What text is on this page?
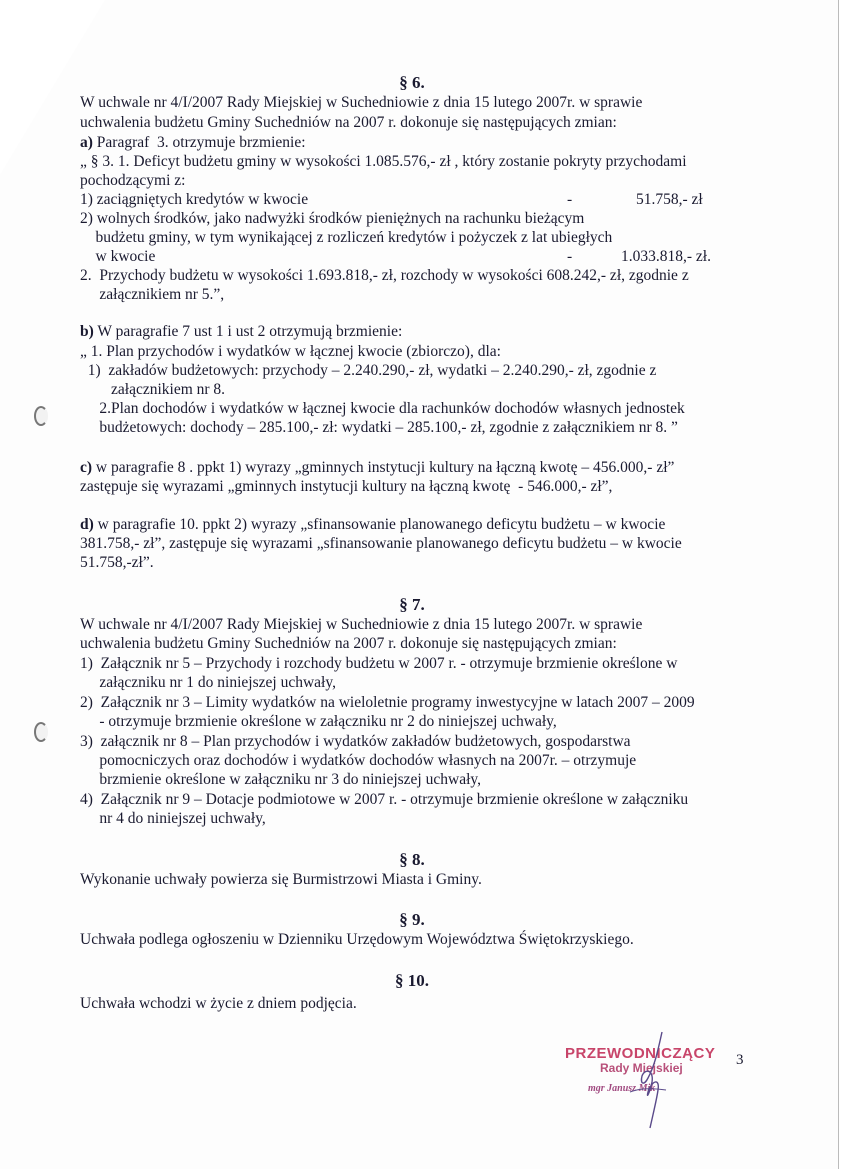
§ 6.
W uchwale nr 4/I/2007 Rady Miejskiej w Suchedniowie z dnia 15 lutego 2007r. w sprawie
uchwalenia budżetu Gminy Suchedniów na 2007 r. dokonuje się następujących zmian:
a) Paragraf  3. otrzymuje brzmienie:
„ § 3. 1. Deficyt budżetu gminy w wysokości 1.085.576,- zł , który zostanie pokryty przychodami
pochodzącymi z:
1) zaciągniętych kredytów w kwocie	-	51.758,- zł
2) wolnych środków, jako nadwyżki środków pieniężnych na rachunku bieżącym
budżetu gminy, w tym wynikającej z rozliczeń kredytów i pożyczek z lat ubiegłych
w kwocie	-	1.033.818,- zł.
2.  Przychody budżetu w wysokości 1.693.818,- zł, rozchody w wysokości 608.242,- zł, zgodnie z
załącznikiem nr 5.”,
b) W paragrafie 7 ust 1 i ust 2 otrzymują brzmienie:
„ 1. Plan przychodów i wydatków w łącznej kwocie (zbiorczo), dla:
1)  zakładów budżetowych: przychody – 2.240.290,- zł, wydatki – 2.240.290,- zł, zgodnie z
załącznikiem nr 8.
2.Plan dochodów i wydatków w łącznej kwocie dla rachunków dochodów własnych jednostek
budżetowych: dochody – 285.100,- zł: wydatki – 285.100,- zł, zgodnie z załącznikiem nr 8. ”
c) w paragrafie 8 . ppkt 1) wyrazy „gminnych instytucji kultury na łączną kwotę – 456.000,- zł”
zastępuje się wyrazami „gminnych instytucji kultury na łączną kwotę  - 546.000,- zł”,
d) w paragrafie 10. ppkt 2) wyrazy „sfinansowanie planowanego deficytu budżetu – w kwocie
381.758,- zł”, zastępuje się wyrazami „sfinansowanie planowanego deficytu budżetu – w kwocie
51.758,-zł”.
§ 7.
W uchwale nr 4/I/2007 Rady Miejskiej w Suchedniowie z dnia 15 lutego 2007r. w sprawie
uchwalenia budżetu Gminy Suchedniów na 2007 r. dokonuje się następujących zmian:
1)  Załącznik nr 5 – Przychody i rozchody budżetu w 2007 r. - otrzymuje brzmienie określone w
załączniku nr 1 do niniejszej uchwały,
2)  Załącznik nr 3 – Limity wydatków na wieloletnie programy inwestycyjne w latach 2007 – 2009
- otrzymuje brzmienie określone w załączniku nr 2 do niniejszej uchwały,
3)  załącznik nr 8 – Plan przychodów i wydatków zakładów budżetowych, gospodarstwa
pomocniczych oraz dochodów i wydatków dochodów własnych na 2007r. – otrzymuje
brzmienie określone w załączniku nr 3 do niniejszej uchwały,
4)  Załącznik nr 9 – Dotacje podmiotowe w 2007 r. - otrzymuje brzmienie określone w załączniku
nr 4 do niniejszej uchwały,
§ 8.
Wykonanie uchwały powierza się Burmistrzowi Miasta i Gminy.
§ 9.
Uchwała podlega ogłoszeniu w Dzienniku Urzędowym Województwa Świętokrzyskiego.
§ 10.
Uchwała wchodzi w życie z dniem podjęcia.
PRZEWODNICZĄCY
Rady Miejskiej
mgr Janusz Mik
3
